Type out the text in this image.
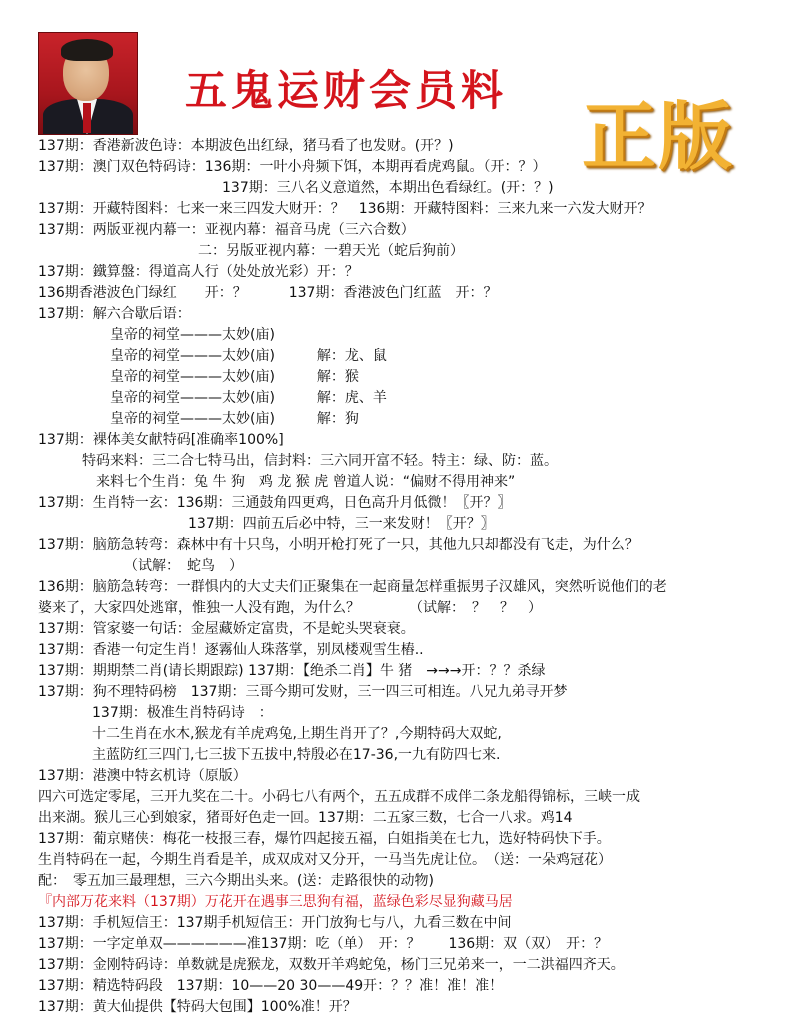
五鬼运财会员料
正版
137期：香港新波色诗：本期波色出红绿，猪马看了也发财。(开？)
137期：澳门双色特码诗：136期：一叶小舟频下饵，本期再看虎鸡鼠。（开：？）
137期：三八名义意道然，本期出色看绿红。(开：？)
137期：开藏特图料：七来一来三四发大财开：？　136期：开藏特图料：三来九来一六发大财开？
137期：两版亚视内幕一：亚视内幕：福音马虎（三六合数）
二：另版亚视内幕：一碧天光（蛇后狗前）
137期：鐵算盤：得道高人行（处处放光彩）开：？
136期香港波色门绿红　　开：？　　　137期：香港波色门红蓝　开：？
137期：解六合歇后语：
皇帝的祠堂———太妙(庙)
皇帝的祠堂———太妙(庙)　　　解：龙、鼠
皇帝的祠堂———太妙(庙)　　　解：猴
皇帝的祠堂———太妙(庙)　　　解：虎、羊
皇帝的祠堂———太妙(庙)　　　解：狗
137期：裸体美女献特码[准确率100%]
特码来料：三二合七特马出，信封料：三六同开富不轻。特主：绿、防：蓝。
来料七个生肖：兔 牛 狗　鸡 龙 猴 虎 曾道人说：“偏财不得用神来”
137期：生肖特一玄：136期：三通鼓角四更鸡，日色高升月低微！〖开？〗
137期：四前五后必中特，三一来发财！〖开？〗
137期：脑筋急转弯：森林中有十只鸟，小明开枪打死了一只，其他九只却都没有飞走，为什么？
（试解：　蛇鸟　）
136期：脑筋急转弯：一群惧内的大丈夫们正聚集在一起商量怎样重振男子汉雄风，突然听说他们的老
婆来了，大家四处逃窜，惟独一人没有跑，为什么？　　　　（试解：　？　？　）
137期：管家婆一句话：金屋藏娇定富贵，不是蛇头哭衰衰。
137期：香港一句定生肖！逐霧仙人珠落掌，别凤楼观雪生樁..
137期：期期禁二肖(请长期跟踪) 137期：【绝杀二肖】牛 猪　→→→开：？？杀绿
137期：狗不理特码榜　137期：三哥今期可发财，三一四三可相连。八兄九弟寻开梦
137期：极准生肖特码诗　：
十二生肖在水木,猴龙有羊虎鸡兔,上期生肖开了？,今期特码大双蛇,
主蓝防红三四门,七三拔下五拔中,特殷必在17-36,一九有防四七来.
137期：港澳中特玄机诗（原版）
四六可选定零尾，三开九奖在二十。小码七八有两个，五五成群不成伴二条龙船得锦标，三峡一成
出来湖。猴儿三心到娘家，猪哥好色走一回。137期：二五家三数，七合一八求。鸡14
137期：葡京赌侠：梅花一枝报三春，爆竹四起接五福，白姐指美在七九，选好特码快下手。
生肖特码在一起，今期生肖看是羊，成双成对又分开，一马当先虎让位。　（送：一朵鸡冠花）
配：　零五加三最理想，三六今期出头来。(送：走路很快的动物)
『内部万花来料（137期）万花开在遇事三思狗有福，蓝绿色彩尽显狗藏马居
137期：手机短信王：137期手机短信王：开门放狗七与八，九看三数在中间
137期：一字定单双——————准137期：吃（单）　开：？　　136期：双（双）　开：？
137期：金刚特码诗：单数就是虎猴龙，双数开羊鸡蛇兔，杨门三兄弟来一，一二洪福四齐天。
137期：精选特码段　137期：10——20 30——49开：？？准！准！准！
137期：黄大仙提供【特码大包围】100%准！开？
